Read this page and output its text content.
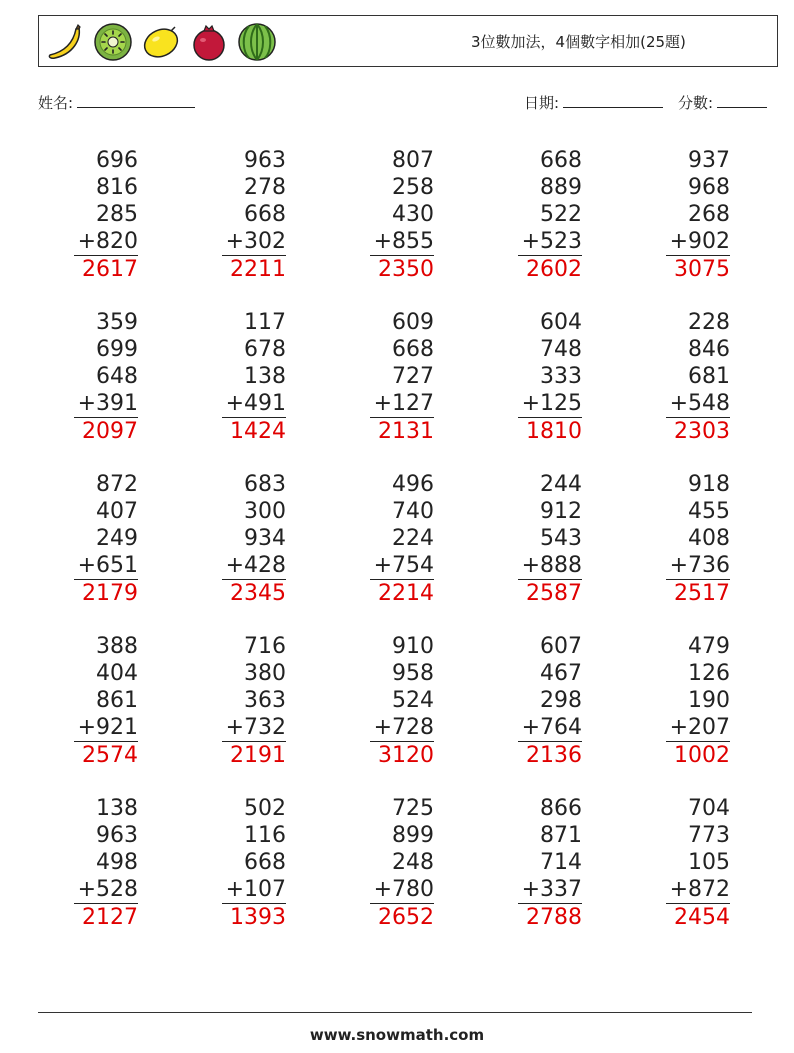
3位數加法，4個數字相加(25題)
姓名:	日期:	分數:
696
816
285
+820
2617
963
278
668
+302
2211
807
258
430
+855
2350
668
889
522
+523
2602
937
968
268
+902
3075
359
699
648
+391
2097
117
678
138
+491
1424
609
668
727
+127
2131
604
748
333
+125
1810
228
846
681
+548
2303
872
407
249
+651
2179
683
300
934
+428
2345
496
740
224
+754
2214
244
912
543
+888
2587
918
455
408
+736
2517
388
404
861
+921
2574
716
380
363
+732
2191
910
958
524
+728
3120
607
467
298
+764
2136
479
126
190
+207
1002
138
963
498
+528
2127
502
116
668
+107
1393
725
899
248
+780
2652
866
871
714
+337
2788
704
773
105
+872
2454
www.snowmath.com
